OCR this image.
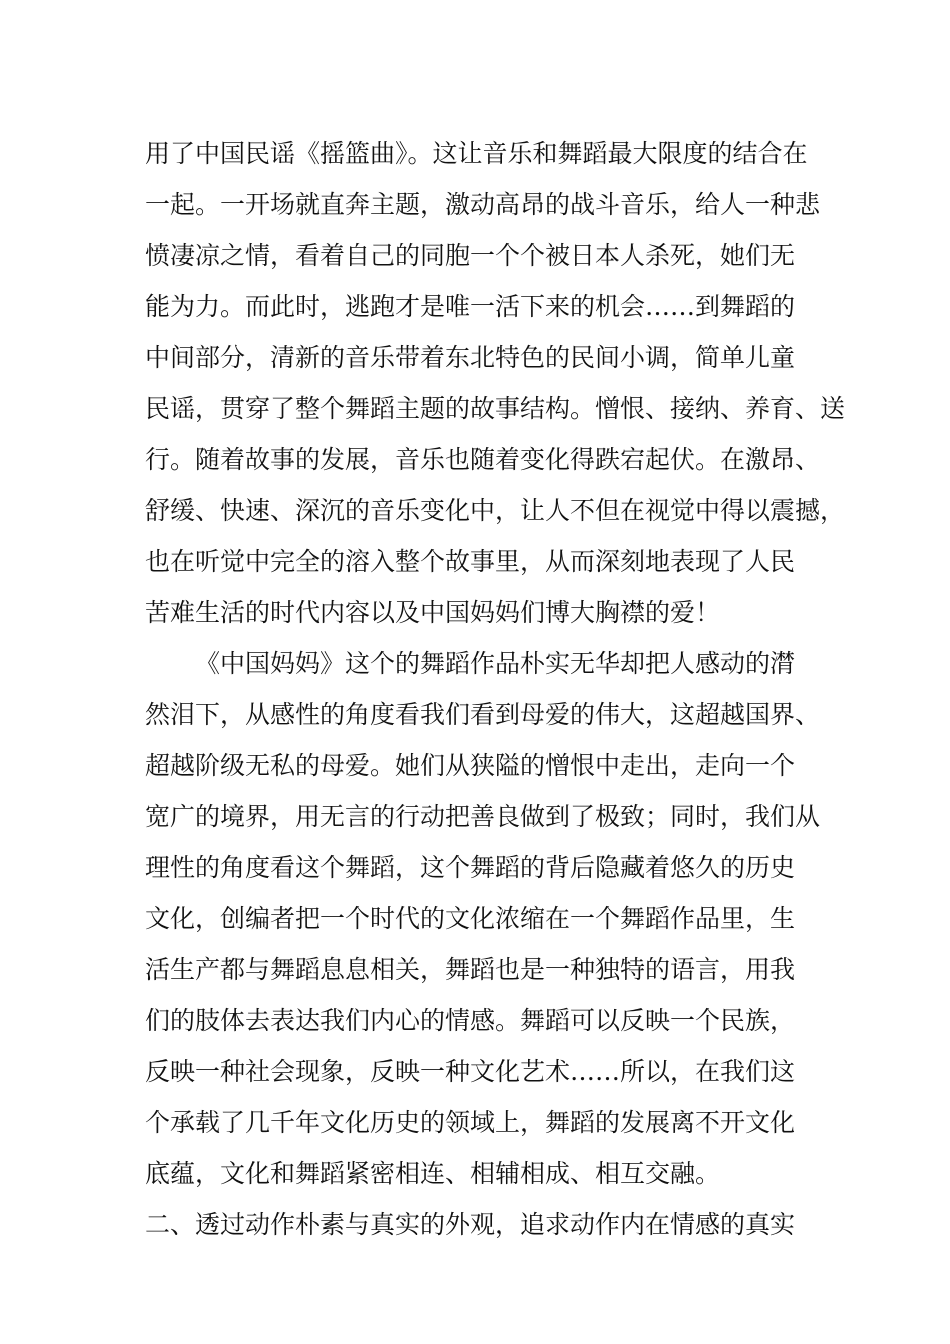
用了中国民谣《摇篮曲》。这让音乐和舞蹈最大限度的结合在
一起。一开场就直奔主题，激动高昂的战斗音乐，给人一种悲
愤凄凉之情，看着自己的同胞一个个被日本人杀死，她们无
能为力。而此时，逃跑才是唯一活下来的机会……到舞蹈的
中间部分，清新的音乐带着东北特色的民间小调，简单儿童
民谣，贯穿了整个舞蹈主题的故事结构。憎恨、接纳、养育、送
行。随着故事的发展，音乐也随着变化得跌宕起伏。在激昂、
舒缓、快速、深沉的音乐变化中，让人不但在视觉中得以震撼，
也在听觉中完全的溶入整个故事里，从而深刻地表现了人民
苦难生活的时代内容以及中国妈妈们博大胸襟的爱！
《中国妈妈》这个的舞蹈作品朴实无华却把人感动的潸
然泪下，从感性的角度看我们看到母爱的伟大，这超越国界、
超越阶级无私的母爱。她们从狭隘的憎恨中走出，走向一个
宽广的境界，用无言的行动把善良做到了极致；同时，我们从
理性的角度看这个舞蹈，这个舞蹈的背后隐藏着悠久的历史
文化，创编者把一个时代的文化浓缩在一个舞蹈作品里，生
活生产都与舞蹈息息相关，舞蹈也是一种独特的语言，用我
们的肢体去表达我们内心的情感。舞蹈可以反映一个民族，
反映一种社会现象，反映一种文化艺术……所以，在我们这
个承载了几千年文化历史的领域上，舞蹈的发展离不开文化
底蕴，文化和舞蹈紧密相连、相辅相成、相互交融。
二、透过动作朴素与真实的外观，追求动作内在情感的真实
